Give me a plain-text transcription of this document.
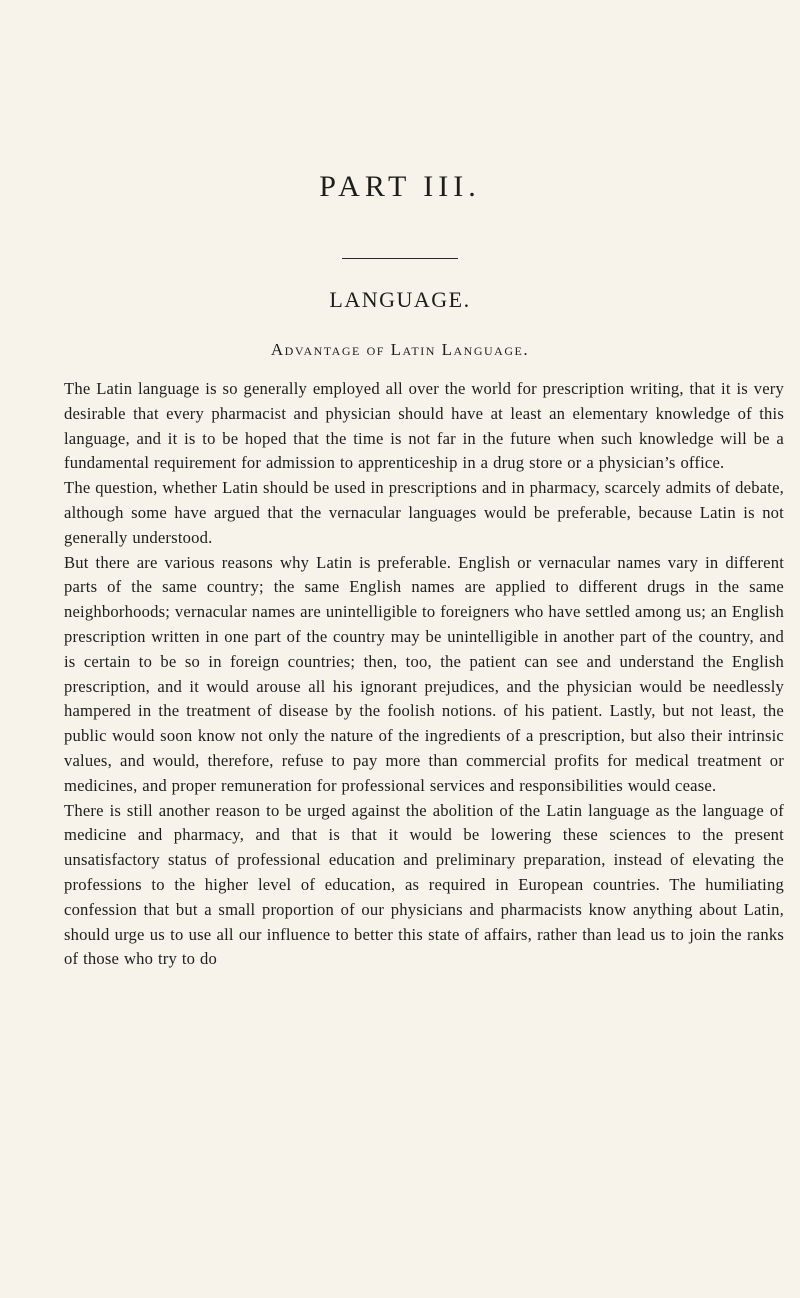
PART III.
LANGUAGE.
Advantage of Latin Language.

The Latin language is so generally employed all over the world for prescription writing, that it is very desirable that every pharmacist and physician should have at least an elementary knowledge of this language, and it is to be hoped that the time is not far in the future when such knowledge will be a fundamental requirement for admission to apprenticeship in a drug store or a physician’s office.

The question, whether Latin should be used in prescriptions and in pharmacy, scarcely admits of debate, although some have argued that the vernacular languages would be preferable, because Latin is not generally understood.

But there are various reasons why Latin is preferable. English or vernacular names vary in different parts of the same country; the same English names are applied to different drugs in the same neighborhoods; vernacular names are unintelligible to foreigners who have settled among us; an English prescription written in one part of the country may be unintelligible in another part of the country, and is certain to be so in foreign countries; then, too, the patient can see and understand the English prescription, and it would arouse all his ignorant prejudices, and the physician would be needlessly hampered in the treatment of disease by the foolish notions. of his patient. Lastly, but not least, the public would soon know not only the nature of the ingredients of a prescription, but also their intrinsic values, and would, therefore, refuse to pay more than commercial profits for medical treatment or medicines, and proper remuneration for professional services and responsibilities would cease.

There is still another reason to be urged against the abolition of the Latin language as the language of medicine and pharmacy, and that is that it would be lowering these sciences to the present unsatisfactory status of professional education and preliminary preparation, instead of elevating the professions to the higher level of education, as required in European countries. The humiliating confession that but a small proportion of our physicians and pharmacists know anything about Latin, should urge us to use all our influence to better this state of affairs, rather than lead us to join the ranks of those who try to do
